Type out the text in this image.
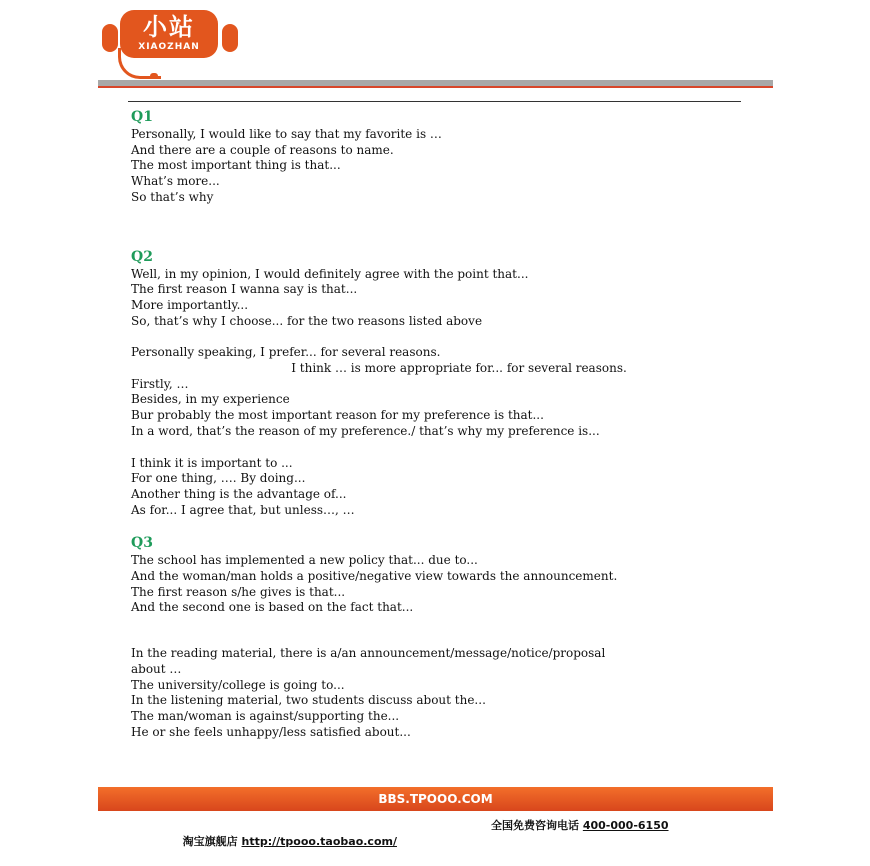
小站
XIAOZHAN

Q1

Personally, I would like to say that my favorite is …

And there are a couple of reasons to name.

The most important thing is that...

What’s more...

So that’s why

Q2

Well, in my opinion, I would definitely agree with the point that...

The first reason I wanna say is that...

More importantly...

So, that’s why I choose... for the two reasons listed above

Personally speaking, I prefer... for several reasons.

I think … is more appropriate for... for several reasons.

Firstly, …

Besides, in my experience

Bur probably the most important reason for my preference is that...

In a word, that’s the reason of my preference./ that’s why my preference is...

I think it is important to ...

For one thing, …. By doing...

Another thing is the advantage of...

As for... I agree that, but unless…, …

Q3

The school has implemented a new policy that... due to...

And the woman/man holds a positive/negative view towards the announcement.

The first reason s/he gives is that...

And the second one is based on the fact that...

In the reading material, there is a/an announcement/message/notice/proposal

about …

The university/college is going to...

In the listening material, two students discuss about the...

The man/woman is against/supporting the...

He or she feels unhappy/less satisfied about...

BBS.TPOOO.COM

淘宝旗舰店 http://tpooo.taobao.com/

全国免费咨询电话 400-000-6150
